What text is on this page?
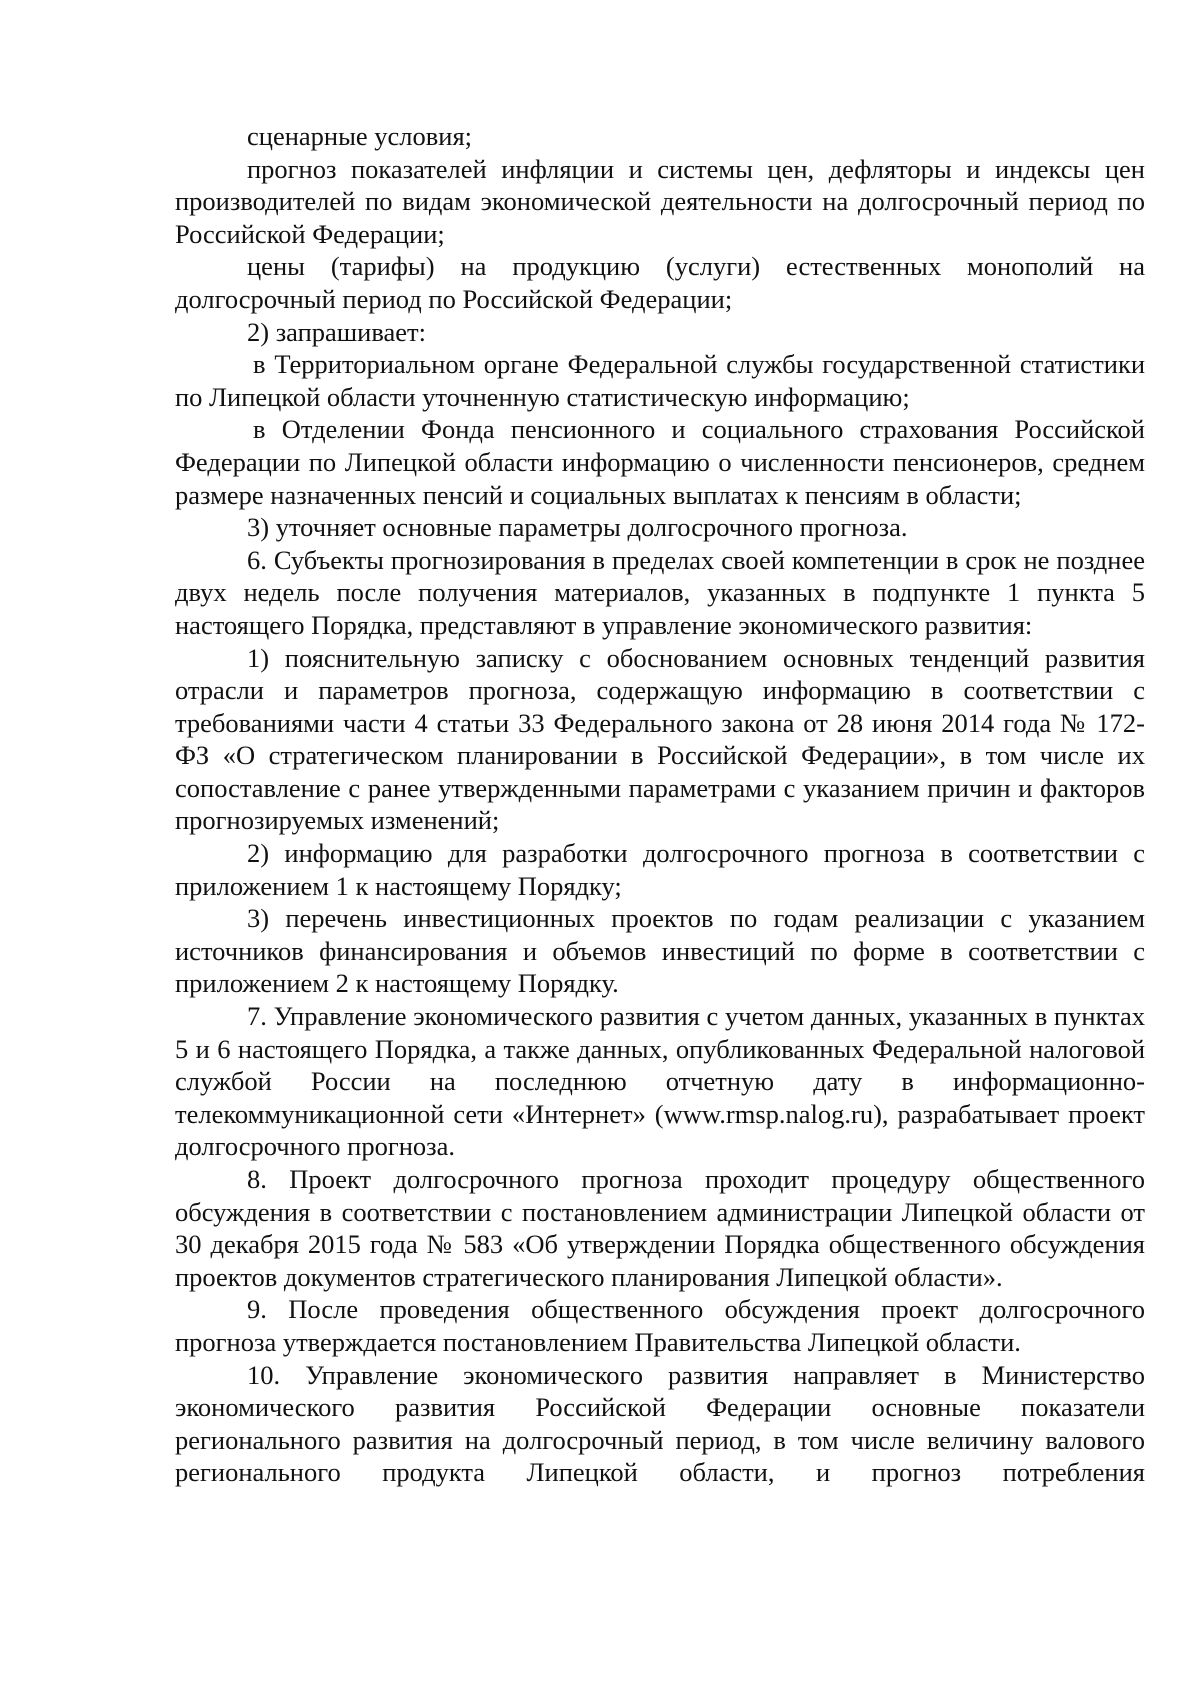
сценарные условия;

прогноз показателей инфляции и системы цен, дефляторы и индексы цен производителей по видам экономической деятельности на долгосрочный период по Российской Федерации;

цены (тарифы) на продукцию (услуги) естественных монополий на долгосрочный период по Российской Федерации;

2) запрашивает:

в Территориальном органе Федеральной службы государственной статистики по Липецкой области уточненную статистическую информацию;

в Отделении Фонда пенсионного и социального страхования Российской Федерации по Липецкой области информацию о численности пенсионеров, среднем размере назначенных пенсий и социальных выплатах к пенсиям в области;

3) уточняет основные параметры долгосрочного прогноза.

6. Субъекты прогнозирования в пределах своей компетенции в срок не позднее двух недель после получения материалов, указанных в подпункте 1 пункта 5 настоящего Порядка, представляют в управление экономического развития:

1) пояснительную записку с обоснованием основных тенденций развития отрасли и параметров прогноза, содержащую информацию в соответствии с требованиями части 4 статьи 33 Федерального закона от 28 июня 2014 года № 172-ФЗ «О стратегическом планировании в Российской Федерации», в том числе их сопоставление с ранее утвержденными параметрами с указанием причин и факторов прогнозируемых изменений;

2) информацию для разработки долгосрочного прогноза в соответствии с приложением 1 к настоящему Порядку;

3) перечень инвестиционных проектов по годам реализации с указанием источников финансирования и объемов инвестиций по форме в соответствии с приложением 2 к настоящему Порядку.

7. Управление экономического развития с учетом данных, указанных в пунктах 5 и 6 настоящего Порядка, а также данных, опубликованных Федеральной налоговой службой России на последнюю отчетную дату в информационно-телекоммуникационной сети «Интернет» (www.rmsp.nalog.ru), разрабатывает проект долгосрочного прогноза.

8. Проект долгосрочного прогноза проходит процедуру общественного обсуждения в соответствии с постановлением администрации Липецкой области от 30 декабря 2015 года № 583 «Об утверждении Порядка общественного обсуждения проектов документов стратегического планирования Липецкой области».

9. После проведения общественного обсуждения проект долгосрочного прогноза утверждается постановлением Правительства Липецкой области.

10. Управление экономического развития направляет в Министерство экономического развития Российской Федерации основные показатели регионального развития на долгосрочный период, в том числе величину валового регионального продукта Липецкой области, и прогноз потребления
